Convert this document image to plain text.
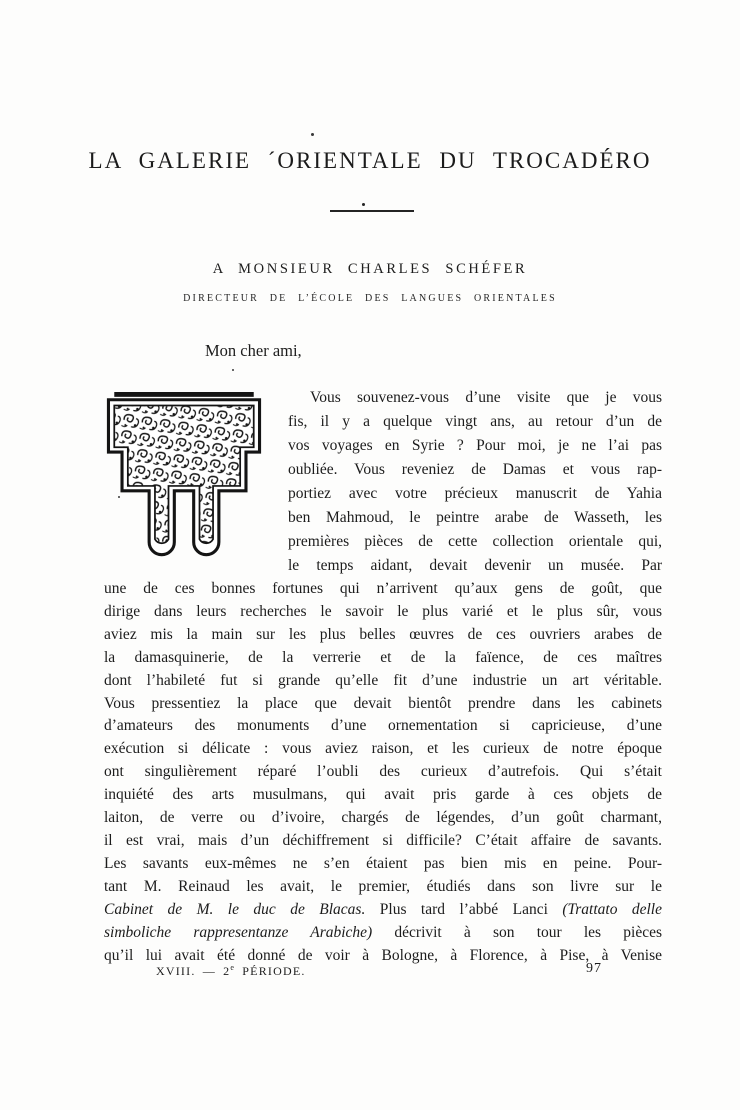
LA GALERIE ´ORIENTALE DU TROCADÉRO
A MONSIEUR CHARLES SCHÉFER
DIRECTEUR DE L’ÉCOLE DES LANGUES ORIENTALES
Mon cher ami,
Vous souvenez-vous d’une visite que je vous
fis, il y a quelque vingt ans, au retour d’un de
vos voyages en Syrie ? Pour moi, je ne l’ai pas
oubliée. Vous reveniez de Damas et vous rap-
portiez avec votre précieux manuscrit de Yahia
ben Mahmoud, le peintre arabe de Wasseth, les
premières pièces de cette collection orientale qui,
le temps aidant, devait devenir un musée. Par
une de ces bonnes fortunes qui n’arrivent qu’aux gens de goût, que
dirige dans leurs recherches le savoir le plus varié et le plus sûr, vous
aviez mis la main sur les plus belles œuvres de ces ouvriers arabes de
la damasquinerie, de la verrerie et de la faïence, de ces maîtres
dont l’habileté fut si grande qu’elle fit d’une industrie un art véritable.
Vous pressentiez la place que devait bientôt prendre dans les cabinets
d’amateurs des monuments d’une ornementation si capricieuse, d’une
exécution si délicate : vous aviez raison, et les curieux de notre époque
ont singulièrement réparé l’oubli des curieux d’autrefois. Qui s’était
inquiété des arts musulmans, qui avait pris garde à ces objets de
laiton, de verre ou d’ivoire, chargés de légendes, d’un goût charmant,
il est vrai, mais d’un déchiffrement si difficile? C’était affaire de savants.
Les savants eux-mêmes ne s’en étaient pas bien mis en peine. Pour-
tant M. Reinaud les avait, le premier, étudiés dans son livre sur le
Cabinet de M. le duc de Blacas. Plus tard l’abbé Lanci (Trattato delle
simboliche rappresentanze Arabiche) décrivit à son tour les pièces
qu’il lui avait été donné de voir à Bologne, à Florence, à Pise, à Venise
XVIII. — 2e PÉRIODE.	97
